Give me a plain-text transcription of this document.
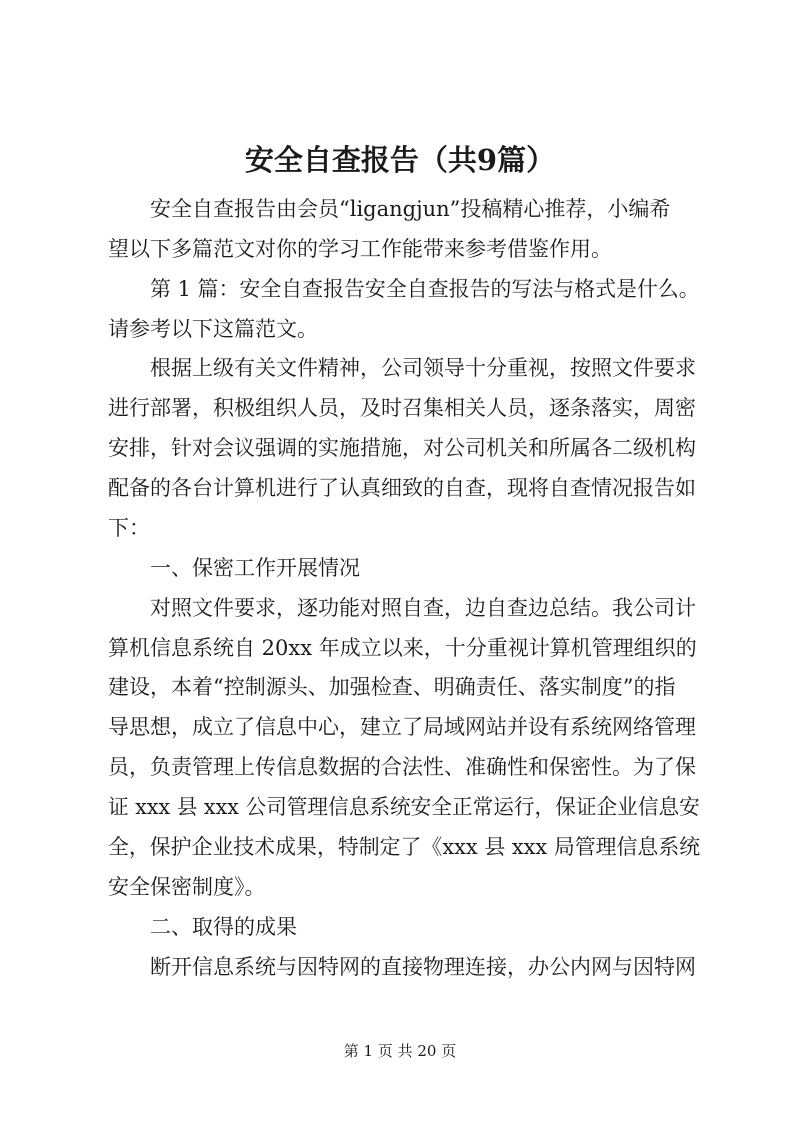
安全自查报告（共9篇）

安全自查报告由会员“ligangjun”投稿精心推荐，小编希

望以下多篇范文对你的学习工作能带来参考借鉴作用。

第 1 篇：安全自查报告安全自查报告的写法与格式是什么。

请参考以下这篇范文。

根据上级有关文件精神，公司领导十分重视，按照文件要求

进行部署，积极组织人员，及时召集相关人员，逐条落实，周密

安排，针对会议强调的实施措施，对公司机关和所属各二级机构

配备的各台计算机进行了认真细致的自查，现将自查情况报告如

下：

一、保密工作开展情况

对照文件要求，逐功能对照自查，边自查边总结。我公司计

算机信息系统自 20xx 年成立以来，十分重视计算机管理组织的

建设，本着“控制源头、加强检查、明确责任、落实制度”的指

导思想，成立了信息中心，建立了局域网站并设有系统网络管理

员，负责管理上传信息数据的合法性、准确性和保密性。为了保

证 xxx 县 xxx 公司管理信息系统安全正常运行，保证企业信息安

全，保护企业技术成果，特制定了《xxx 县 xxx 局管理信息系统

安全保密制度》。

二、取得的成果

断开信息系统与因特网的直接物理连接，办公内网与因特网

第 1 页 共 20 页
